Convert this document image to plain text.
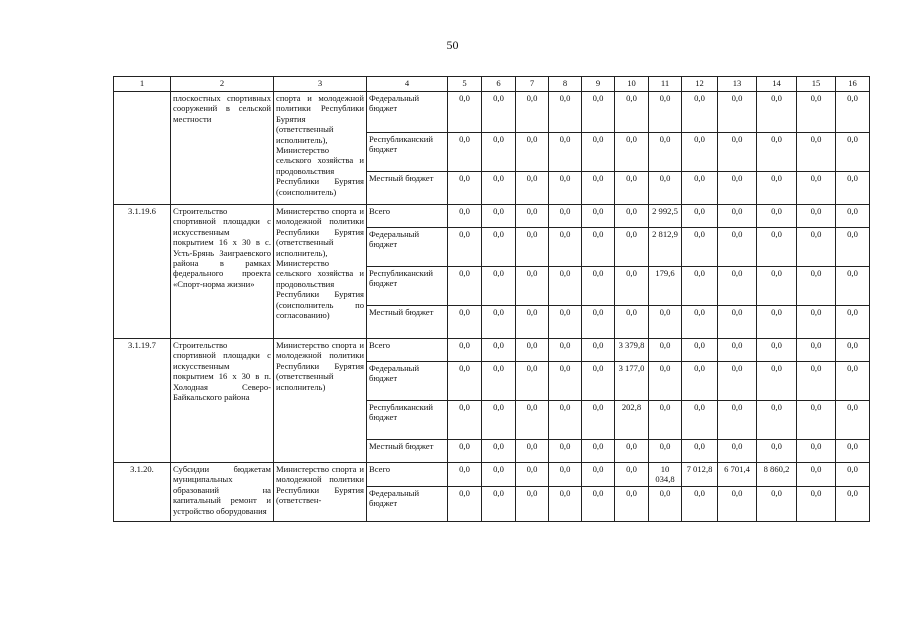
50
1	2	3	4	5	6	7	8	9	10	11	12	13	14	15	16
	плоскостных спортивных сооружений в сельской местности	спорта и молодежной политики Республики Бурятия (ответственный исполнитель), Министерство сельского хозяйства и продовольствия Республики Бурятия (соисполнитель)	Федеральный бюджет	0,0	0,0	0,0	0,0	0,0	0,0	0,0	0,0	0,0	0,0	0,0	0,0
			Республиканский бюджет	0,0	0,0	0,0	0,0	0,0	0,0	0,0	0,0	0,0	0,0	0,0	0,0
			Местный бюджет	0,0	0,0	0,0	0,0	0,0	0,0	0,0	0,0	0,0	0,0	0,0	0,0
3.1.19.6	Строительство спортивной площадки с искусственным покрытием 16 х 30 в с. Усть-Брянь Заиграевского района в рамках федерального проекта «Спорт-норма жизни»	Министерство спорта и молодежной политики Республики Бурятия (ответственный исполнитель), Министерство сельского хозяйства и продовольствия Республики Бурятия (соисполнитель по согласованию)	Всего	0,0	0,0	0,0	0,0	0,0	0,0	2 992,5	0,0	0,0	0,0	0,0	0,0
			Федеральный бюджет	0,0	0,0	0,0	0,0	0,0	0,0	2 812,9	0,0	0,0	0,0	0,0	0,0
			Республиканский бюджет	0,0	0,0	0,0	0,0	0,0	0,0	179,6	0,0	0,0	0,0	0,0	0,0
			Местный бюджет	0,0	0,0	0,0	0,0	0,0	0,0	0,0	0,0	0,0	0,0	0,0	0,0
3.1.19.7	Строительство спортивной площадки с искусственным покрытием 16 х 30 в п. Холодная Северо-Байкальского района	Министерство спорта и молодежной политики Республики Бурятия (ответственный исполнитель)	Всего	0,0	0,0	0,0	0,0	0,0	3 379,8	0,0	0,0	0,0	0,0	0,0	0,0
			Федеральный бюджет	0,0	0,0	0,0	0,0	0,0	3 177,0	0,0	0,0	0,0	0,0	0,0	0,0
			Республиканский бюджет	0,0	0,0	0,0	0,0	0,0	202,8	0,0	0,0	0,0	0,0	0,0	0,0
			Местный бюджет	0,0	0,0	0,0	0,0	0,0	0,0	0,0	0,0	0,0	0,0	0,0	0,0
3.1.20.	Субсидии бюджетам муниципальных образований на капитальный ремонт и устройство оборудования	Министерство спорта и молодежной политики Республики Бурятия (ответствен-	Всего	0,0	0,0	0,0	0,0	0,0	0,0	10 034,8	7 012,8	6 701,4	8 860,2	0,0	0,0
			Федеральный бюджет	0,0	0,0	0,0	0,0	0,0	0,0	0,0	0,0	0,0	0,0	0,0	0,0
